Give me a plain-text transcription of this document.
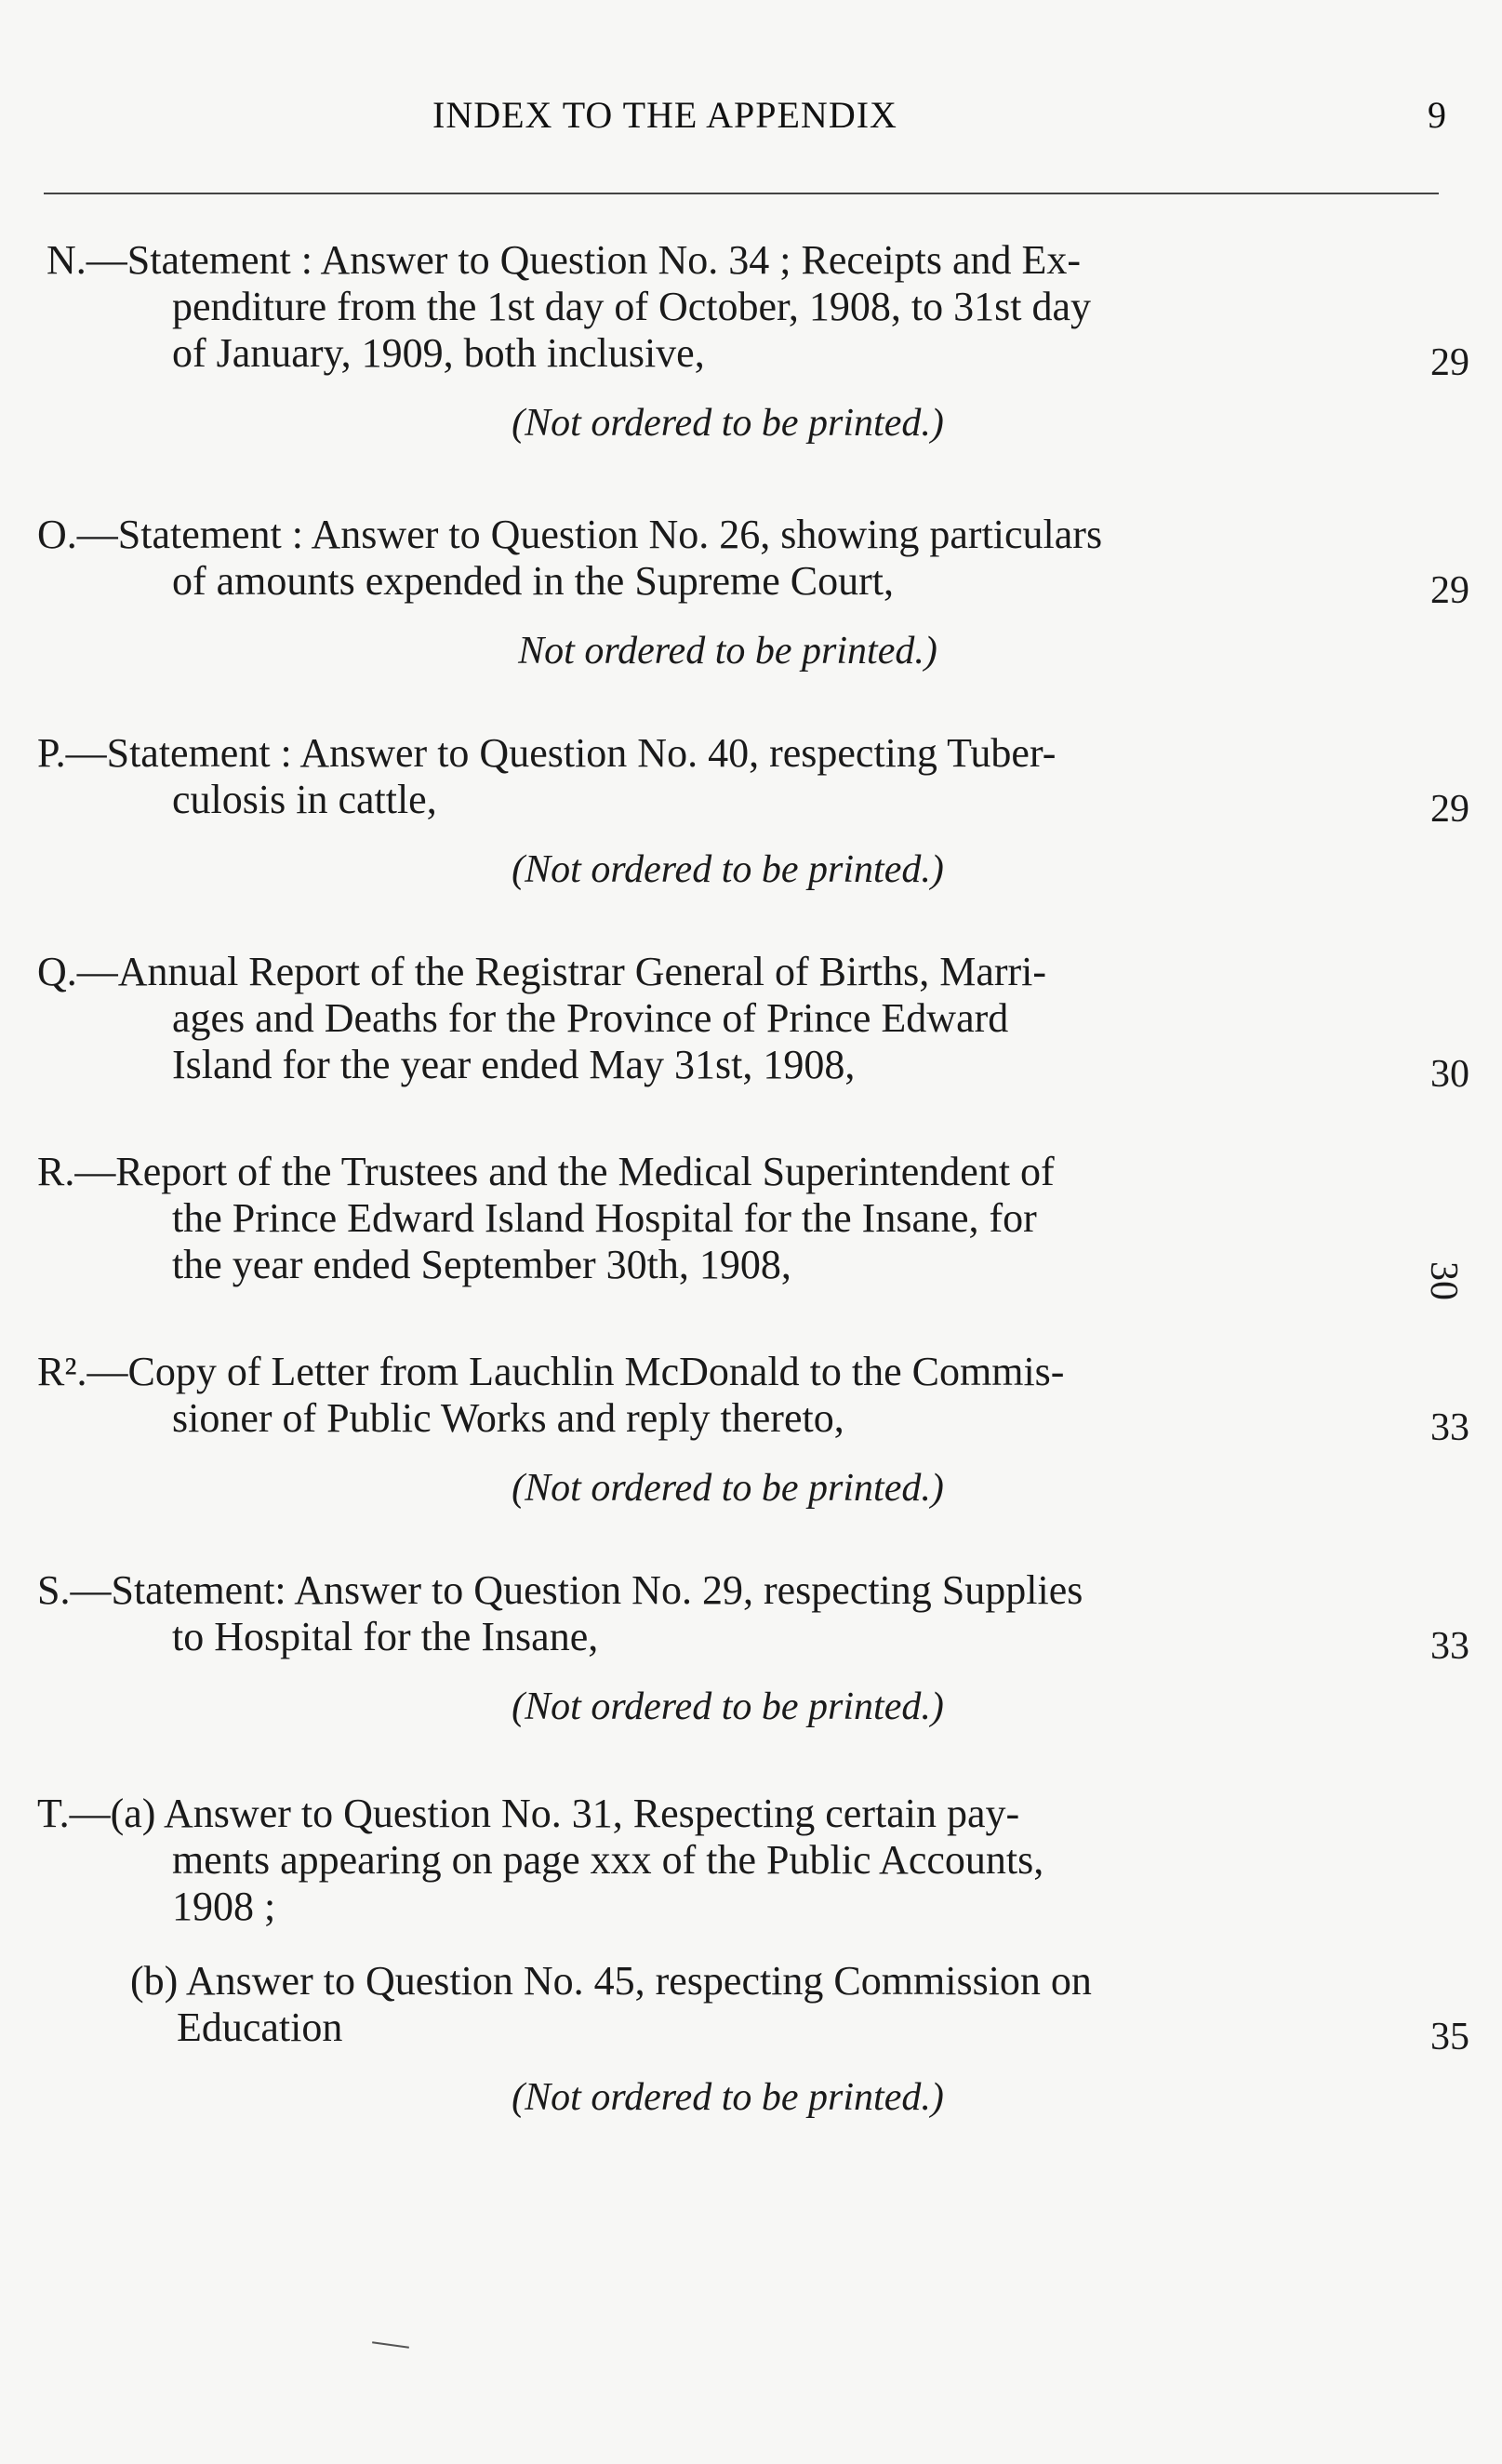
INDEX TO THE APPENDIX	9
N.—Statement : Answer to Question No. 34 ; Receipts and Ex-
penditure from the 1st day of October, 1908, to 31st day
of January, 1909, both inclusive,	29
(Not ordered to be printed.)
O.—Statement : Answer to Question No. 26, showing particulars
of amounts expended in the Supreme Court,	29
Not ordered to be printed.)
P.—Statement : Answer to Question No. 40, respecting Tuber-
culosis in cattle,	29
(Not ordered to be printed.)
Q.—Annual Report of the Registrar General of Births, Marri-
ages and Deaths for the Province of Prince Edward
Island for the year ended May 31st, 1908,	30
R.—Report of the Trustees and the Medical Superintendent of
the Prince Edward Island Hospital for the Insane, for
the year ended September 30th, 1908,	30
R².—Copy of Letter from Lauchlin McDonald to the Commis-
sioner of Public Works and reply thereto,	33
(Not ordered to be printed.)
S.—Statement: Answer to Question No. 29, respecting Supplies
to Hospital for the Insane,	33
(Not ordered to be printed.)
T.—(a) Answer to Question No. 31, Respecting certain pay-
ments appearing on page xxx of the Public Accounts,
1908 ;
(b) Answer to Question No. 45, respecting Commission on
Education	35
(Not ordered to be printed.)
